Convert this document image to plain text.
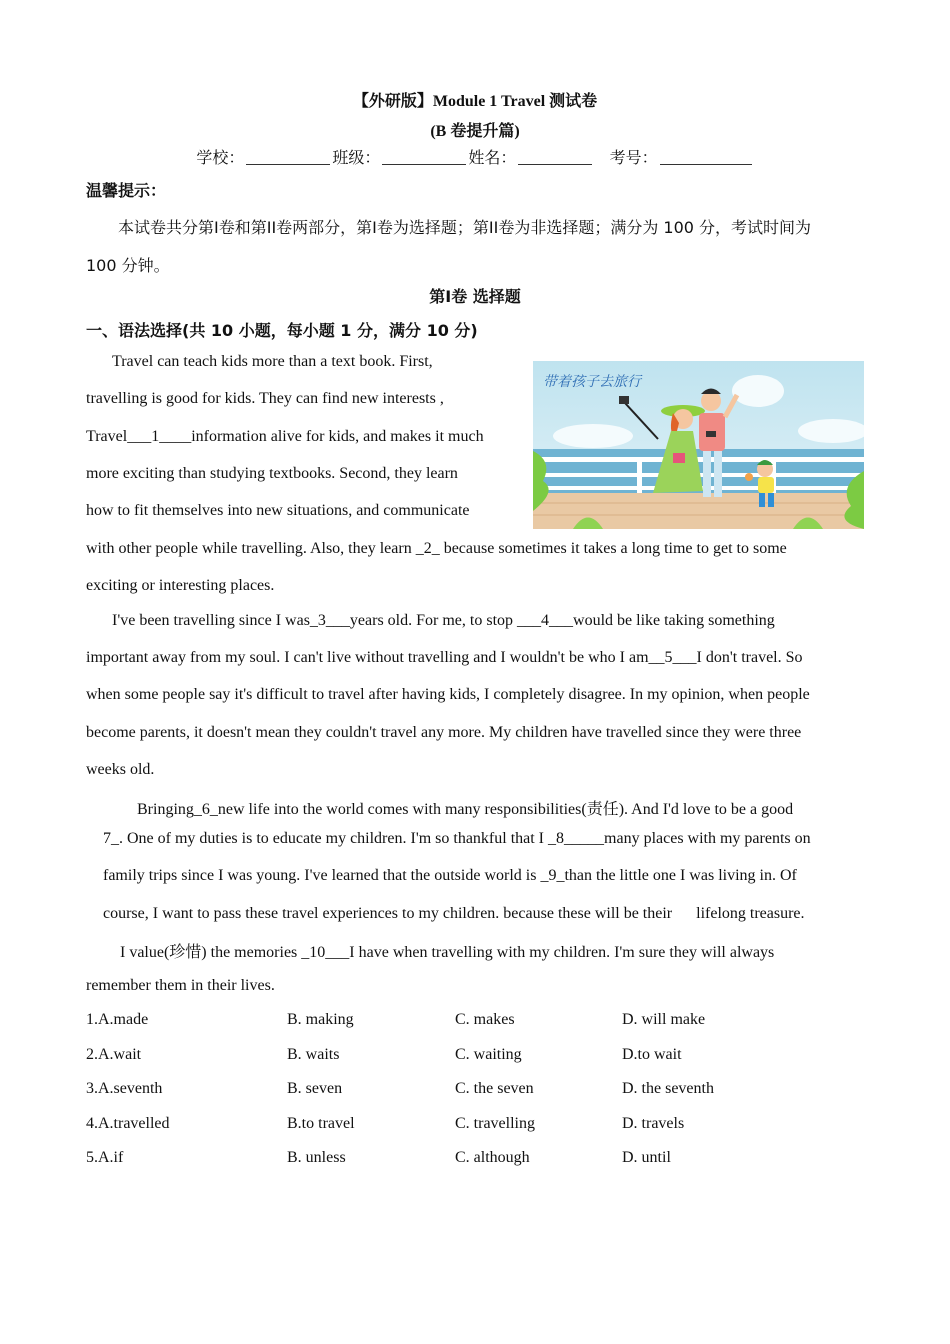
【外研版】Module 1 Travel 测试卷
(B 卷提升篇)
学校：	班级：	姓名：	考号：
温馨提示：
本试卷共分第I卷和第II卷两部分，第I卷为选择题；第II卷为非选择题；满分为 100 分，考试时间为
100 分钟。
第I卷 选择题
一、语法选择(共 10 小题，每小题 1 分，满分 10 分)
带着孩子去旅行
Travel can teach kids more than a text book. First,
travelling is good for kids. They can find new interests ,
Travel___1____information alive for kids, and makes it much
more exciting than studying textbooks. Second, they learn
how to fit themselves into new situations, and communicate
with other people while travelling. Also, they learn _2_ because sometimes it takes a long time to get to some
exciting or interesting places.
I've been travelling since I was_3___years old. For me, to stop ___4___would be like taking something
important away from my soul. I can't live without travelling and I wouldn't be who I am__5___I don't travel. So
when some people say it's difficult to travel after having kids, I completely disagree. In my opinion, when people
become parents, it doesn't mean they couldn't travel any more. My children have travelled since they were three
weeks old.
Bringing_6_new life into the world comes with many responsibilities(责任). And I'd love to be a good
7_. One of my duties is to educate my children. I'm so thankful that I _8_____many places with my parents on
family trips since I was young. I've learned that the outside world is _9_than the little one I was living in. Of
course, I want to pass these travel experiences to my children. because these will be their      lifelong treasure.
I value(珍惜) the memories _10___I have when travelling with my children. I'm sure they will always
remember them in their lives.
1.A.made	B. making	C. makes	D. will make
2.A.wait	B. waits	C. waiting	D.to wait
3.A.seventh	B. seven	C. the seven	D. the seventh
4.A.travelled	B.to travel	C. travelling	D. travels
5.A.if	B. unless	C. although	D. until
